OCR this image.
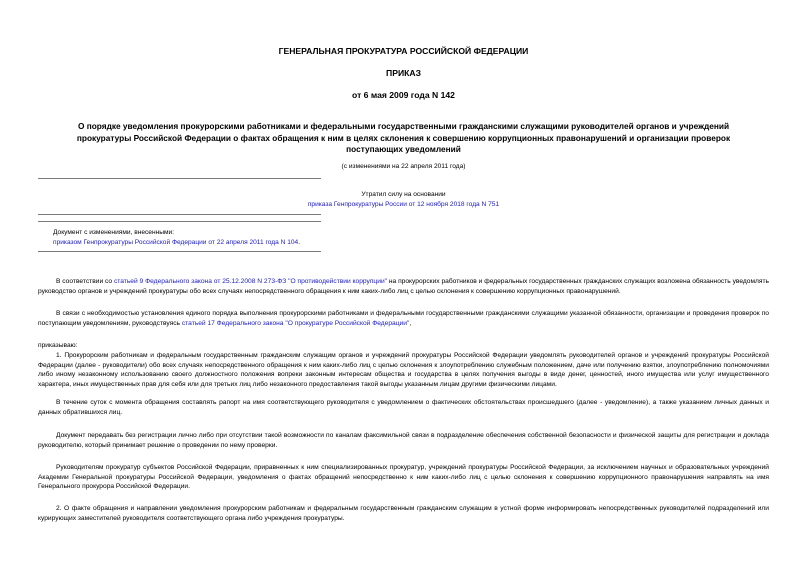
ГЕНЕРАЛЬНАЯ ПРОКУРАТУРА РОССИЙСКОЙ ФЕДЕРАЦИИ
ПРИКАЗ
от 6 мая 2009 года N 142
О порядке уведомления прокурорскими работниками и федеральными государственными гражданскими служащими руководителей органов и учреждений
прокуратуры Российской Федерации о фактах обращения к ним в целях склонения к совершению коррупционных правонарушений и организации проверок
поступающих уведомлений
(с изменениями на 22 апреля 2011 года)
Утратил силу на основании
приказа Генпрокуратуры России от 12 ноября 2018 года N 751
Документ с изменениями, внесенными:
приказом Генпрокуратуры Российской Федерации от 22 апреля 2011 года N 104.
В соответствии со статьей 9 Федерального закона от 25.12.2008 N 273-ФЗ "О противодействии коррупции" на прокурорских работников и федеральных государственных гражданских служащих возложена обязанность уведомлять руководство органов и учреждений прокуратуры обо всех случаях непосредственного обращения к ним каких-либо лиц с целью склонения к совершению коррупционных правонарушений.
В связи с необходимостью установления единого порядка выполнения прокурорскими работниками и федеральными государственными гражданскими служащими указанной обязанности, организации и проведения проверок по поступающим уведомлениям, руководствуясь статьей 17 Федерального закона "О прокуратуре Российской Федерации",
приказываю:
1. Прокурорским работникам и федеральным государственным гражданским служащим органов и учреждений прокуратуры Российской Федерации уведомлять руководителей органов и учреждений прокуратуры Российской Федерации (далее - руководители) обо всех случаях непосредственного обращения к ним каких-либо лиц с целью склонения к злоупотреблению служебным положением, даче или получению взятки, злоупотреблению полномочиями либо иному незаконному использованию своего должностного положения вопреки законным интересам общества и государства в целях получения выгоды в виде денег, ценностей, иного имущества или услуг имущественного характера, иных имущественных прав для себя или для третьих лиц либо незаконного предоставления такой выгоды указанным лицам другими физическими лицами.
В течение суток с момента обращения составлять рапорт на имя соответствующего руководителя с уведомлением о фактических обстоятельствах происшедшего (далее - уведомление), а также указанием личных данных и данных обратившихся лиц.
Документ передавать без регистрации лично либо при отсутствии такой возможности по каналам факсимильной связи в подразделение обеспечения собственной безопасности и физической защиты для регистрации и доклада руководителю, который принимает решение о проведении по нему проверки.
Руководителям прокуратур субъектов Российской Федерации, приравненных к ним специализированных прокуратур, учреждений прокуратуры Российской Федерации, за исключением научных и образовательных учреждений Академии Генеральной прокуратуры Российской Федерации, уведомления о фактах обращений непосредственно к ним каких-либо лиц с целью склонения к совершению коррупционного правонарушения направлять на имя Генерального прокурора Российской Федерации.
2. О факте обращения и направлении уведомления прокурорским работникам и федеральным государственным гражданским служащим в устной форме информировать непосредственных руководителей подразделений или курирующих заместителей руководителя соответствующего органа либо учреждения прокуратуры.
